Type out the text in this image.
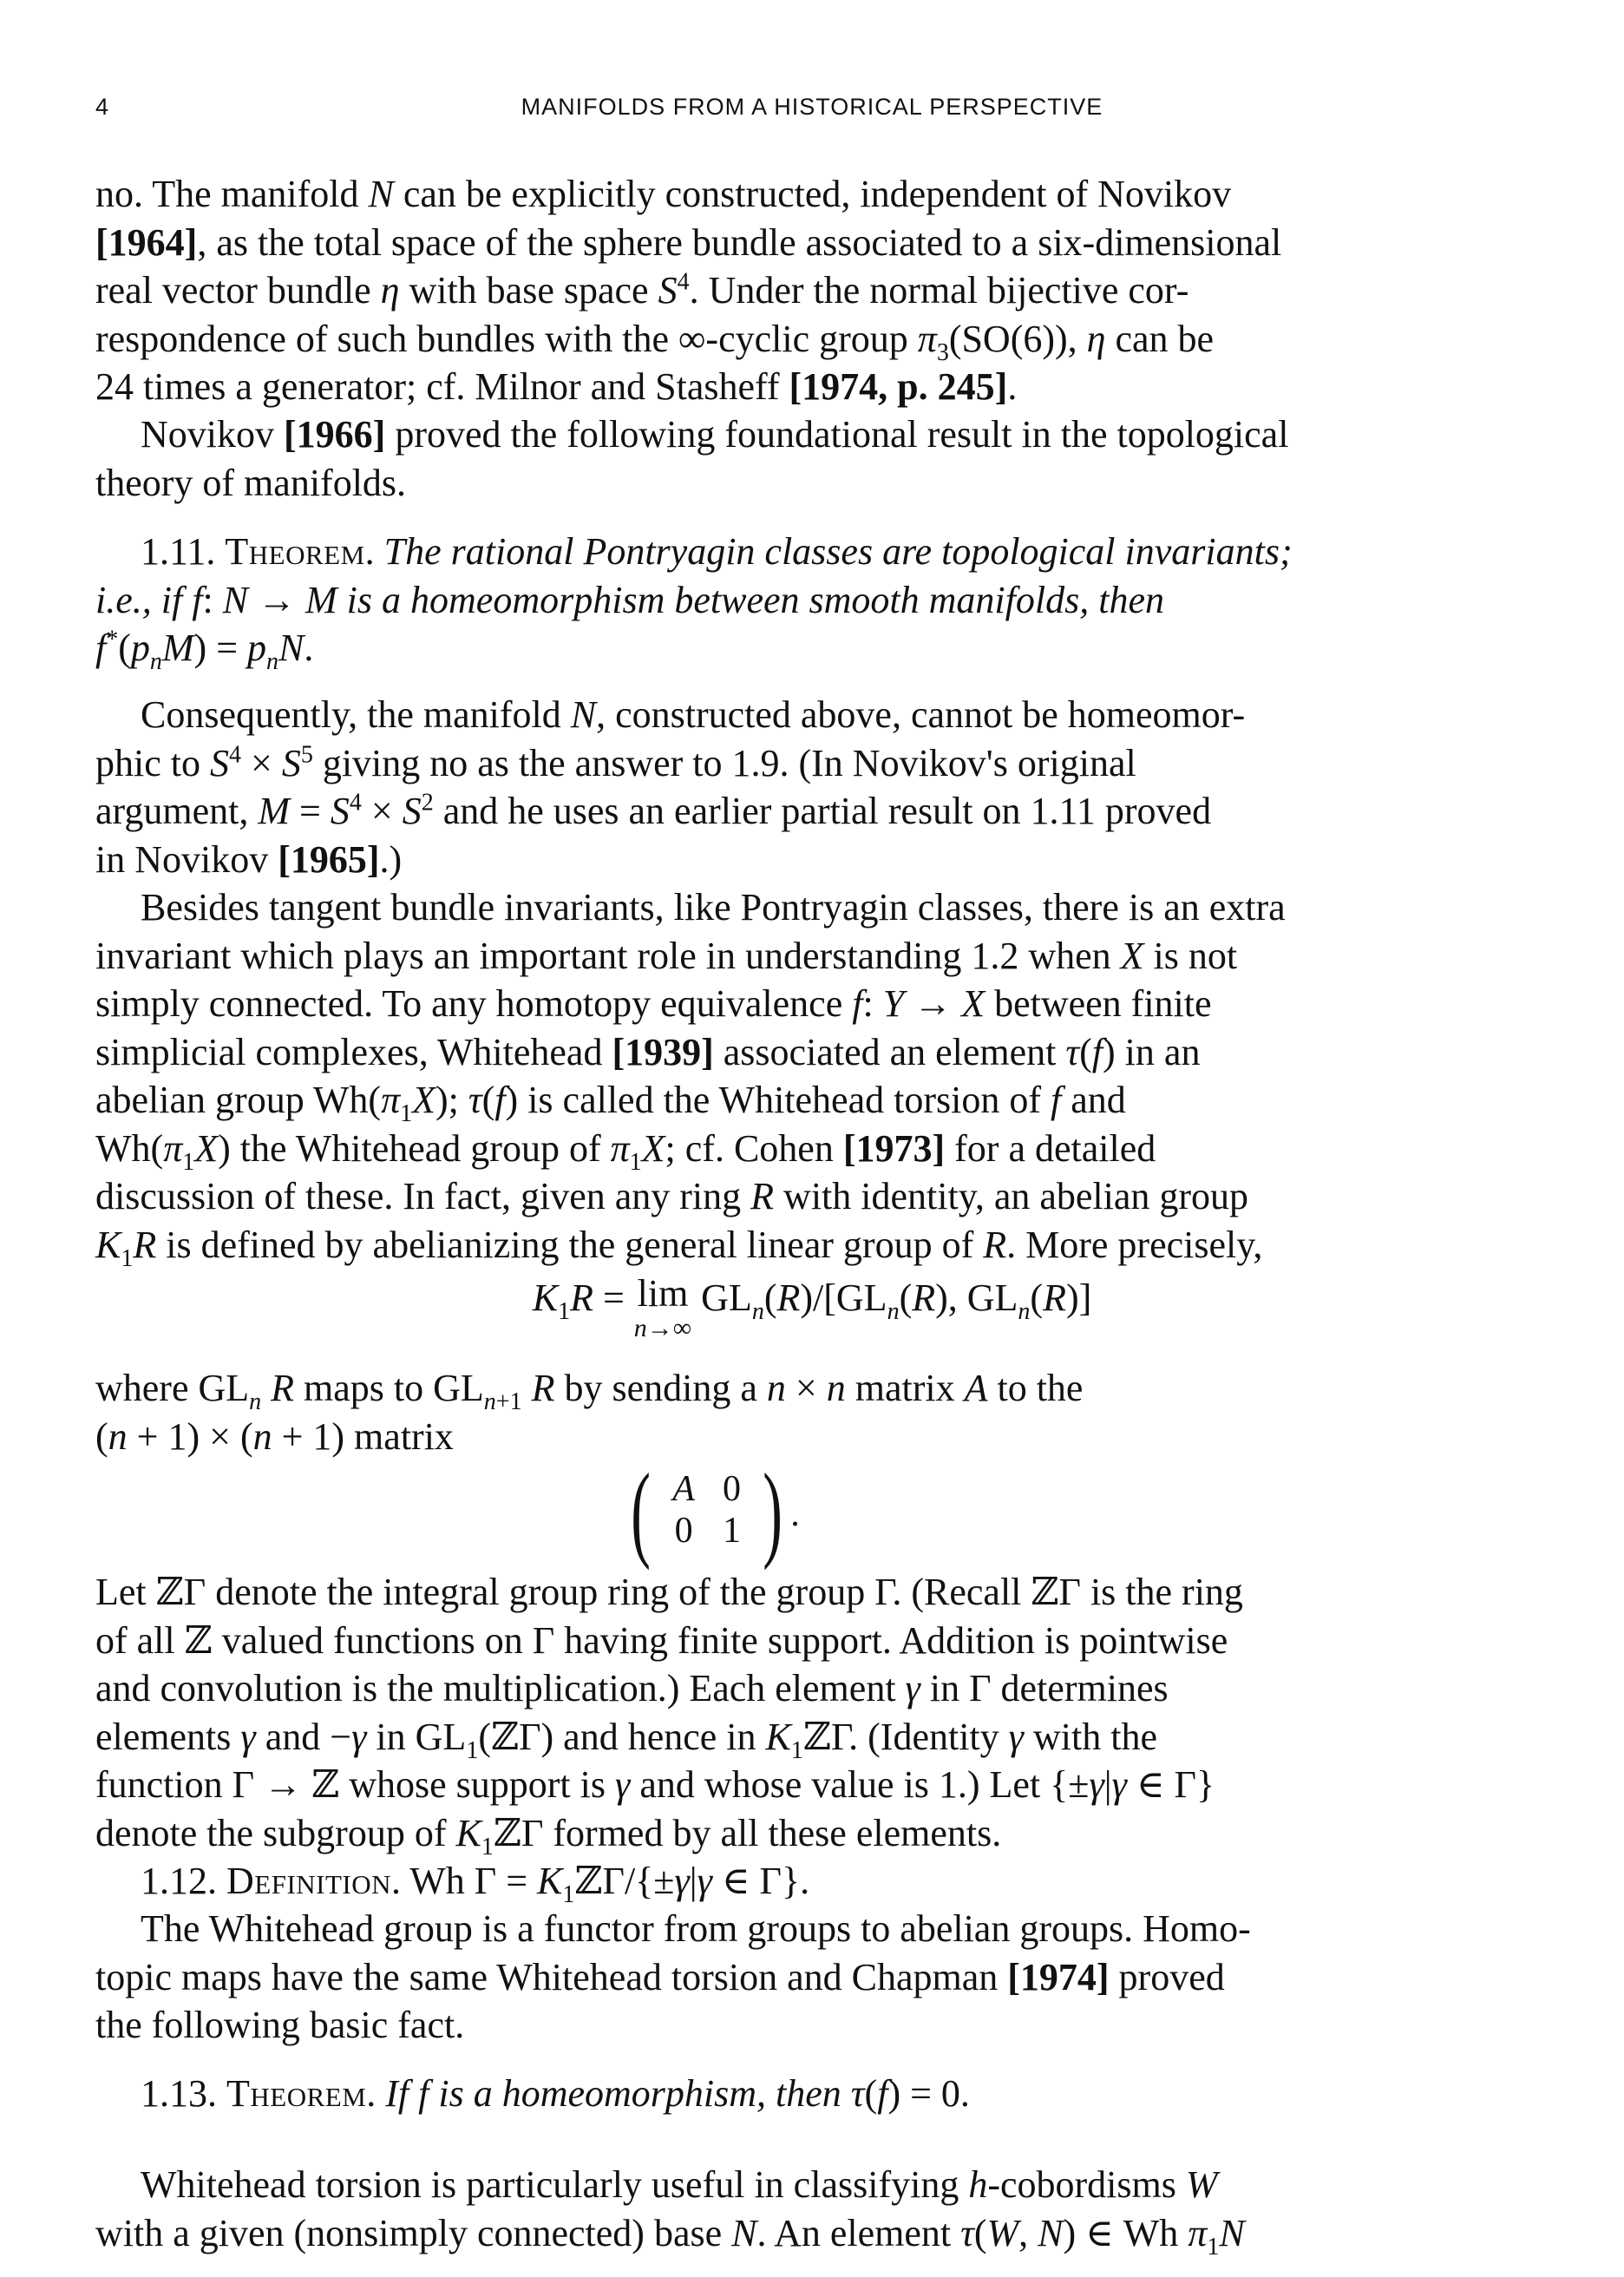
4	MANIFOLDS FROM A HISTORICAL PERSPECTIVE
no. The manifold N can be explicitly constructed, independent of Novikov
[1964], as the total space of the sphere bundle associated to a six-dimensional
real vector bundle η with base space $S^4$. Under the normal bijective cor-
respondence of such bundles with the ∞-cyclic group $\pi_3(SO(6))$, η can be
24 times a generator; cf. Milnor and Stasheff [1974, p. 245].
Novikov [1966] proved the following foundational result in the topological
theory of manifolds.
1.11. Theorem. The rational Pontryagin classes are topological invariants;
i.e., if f: N → M is a homeomorphism between smooth manifolds, then
$f^*(p_nM) = p_nN$.
Consequently, the manifold N, constructed above, cannot be homeomor-
phic to $S^4 \times S^5$ giving no as the answer to 1.9. (In Novikov's original
argument, $M = S^4 \times S^2$ and he uses an earlier partial result on 1.11 proved
in Novikov [1965].)
Besides tangent bundle invariants, like Pontryagin classes, there is an extra
invariant which plays an important role in understanding 1.2 when X is not
simply connected. To any homotopy equivalence f: Y → X between finite
simplicial complexes, Whitehead [1939] associated an element τ(f) in an
abelian group $Wh(\pi_1X)$; τ(f) is called the Whitehead torsion of f and
$Wh(\pi_1X)$ the Whitehead group of $\pi_1X$; cf. Cohen [1973] for a detailed
discussion of these. In fact, given any ring R with identity, an abelian group
$K_1R$ is defined by abelianizing the general linear group of R. More precisely,
$K_1R = \lim$
n→∞
$GL_n(R)/[GL_n(R)$, $GL_n(R)$]
where $GL_n$ R maps to $GL_{n+1}$ R by sending a n × n matrix A to the
(n + 1) × (n + 1) matrix
( A	0
0	1 ) .
Let ℤΓ denote the integral group ring of the group Γ. (Recall ℤΓ is the ring
of all ℤ valued functions on Γ having finite support. Addition is pointwise
and convolution is the multiplication.) Each element γ in Γ determines
elements γ and −γ in $GL_1(ℤ\Gamma)$ and hence in $K_1ℤ\Gamma$. (Identity γ with the
function Γ → ℤ whose support is γ and whose value is 1.) Let {±γ|γ ∈ Γ}
denote the subgroup of $K_1ℤ\Gamma$ formed by all these elements.
1.12. Definition. Wh $\Gamma = K_1ℤ\Gamma/\{\pm\gamma|\gamma$ ∈ Γ}.
The Whitehead group is a functor from groups to abelian groups. Homo-
topic maps have the same Whitehead torsion and Chapman [1974] proved
the following basic fact.
1.13. Theorem. If f is a homeomorphism, then τ(f) = 0.
Whitehead torsion is particularly useful in classifying h-cobordisms W
with a given (nonsimply connected) base N. An element τ(W, N) ∈ Wh $\pi_1N$
